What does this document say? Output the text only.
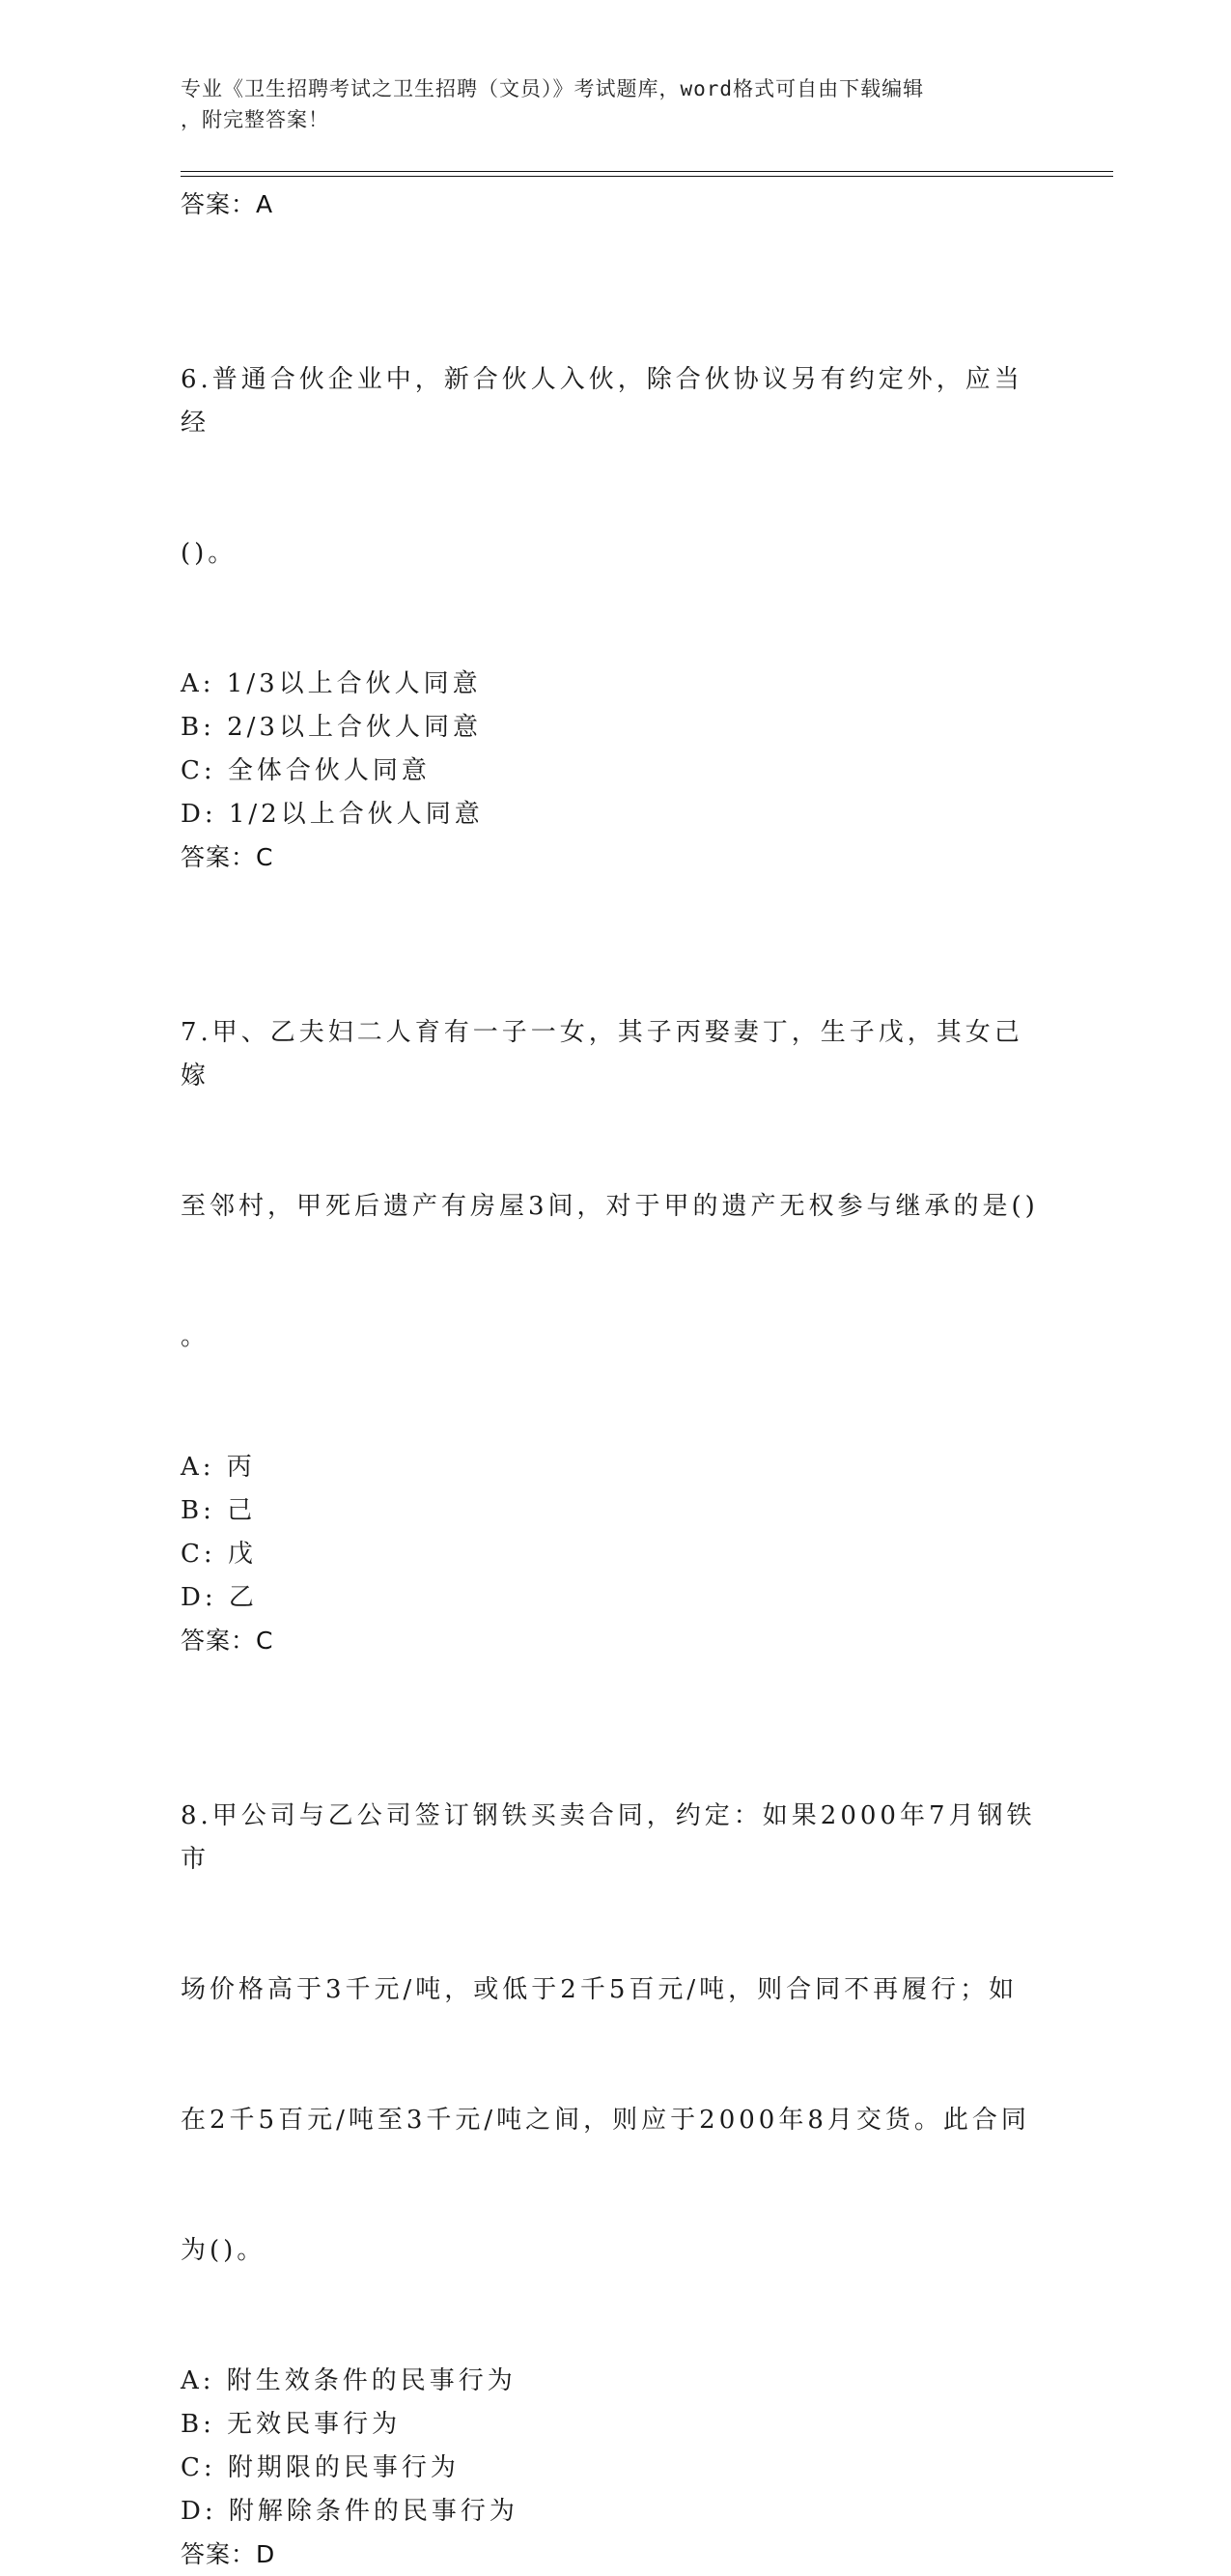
专业《卫生招聘考试之卫生招聘（文员）》考试题库，word格式可自由下载编辑
，附完整答案！
答案：A

6.普通合伙企业中，新合伙人入伙，除合伙协议另有约定外，应当经

()。

A: 1/3以上合伙人同意
B: 2/3以上合伙人同意
C: 全体合伙人同意
D: 1/2以上合伙人同意
答案：C

7.甲、乙夫妇二人育有一子一女，其子丙娶妻丁，生子戊，其女己嫁

至邻村，甲死后遗产有房屋3间，对于甲的遗产无权参与继承的是()

。

A: 丙
B: 己
C: 戊
D: 乙
答案：C

8.甲公司与乙公司签订钢铁买卖合同，约定：如果2000年7月钢铁市

场价格高于3千元/吨，或低于2千5百元/吨，则合同不再履行；如

在2千5百元/吨至3千元/吨之间，则应于2000年8月交货。此合同

为()。

A: 附生效条件的民事行为
B: 无效民事行为
C: 附期限的民事行为
D: 附解除条件的民事行为
答案：D
